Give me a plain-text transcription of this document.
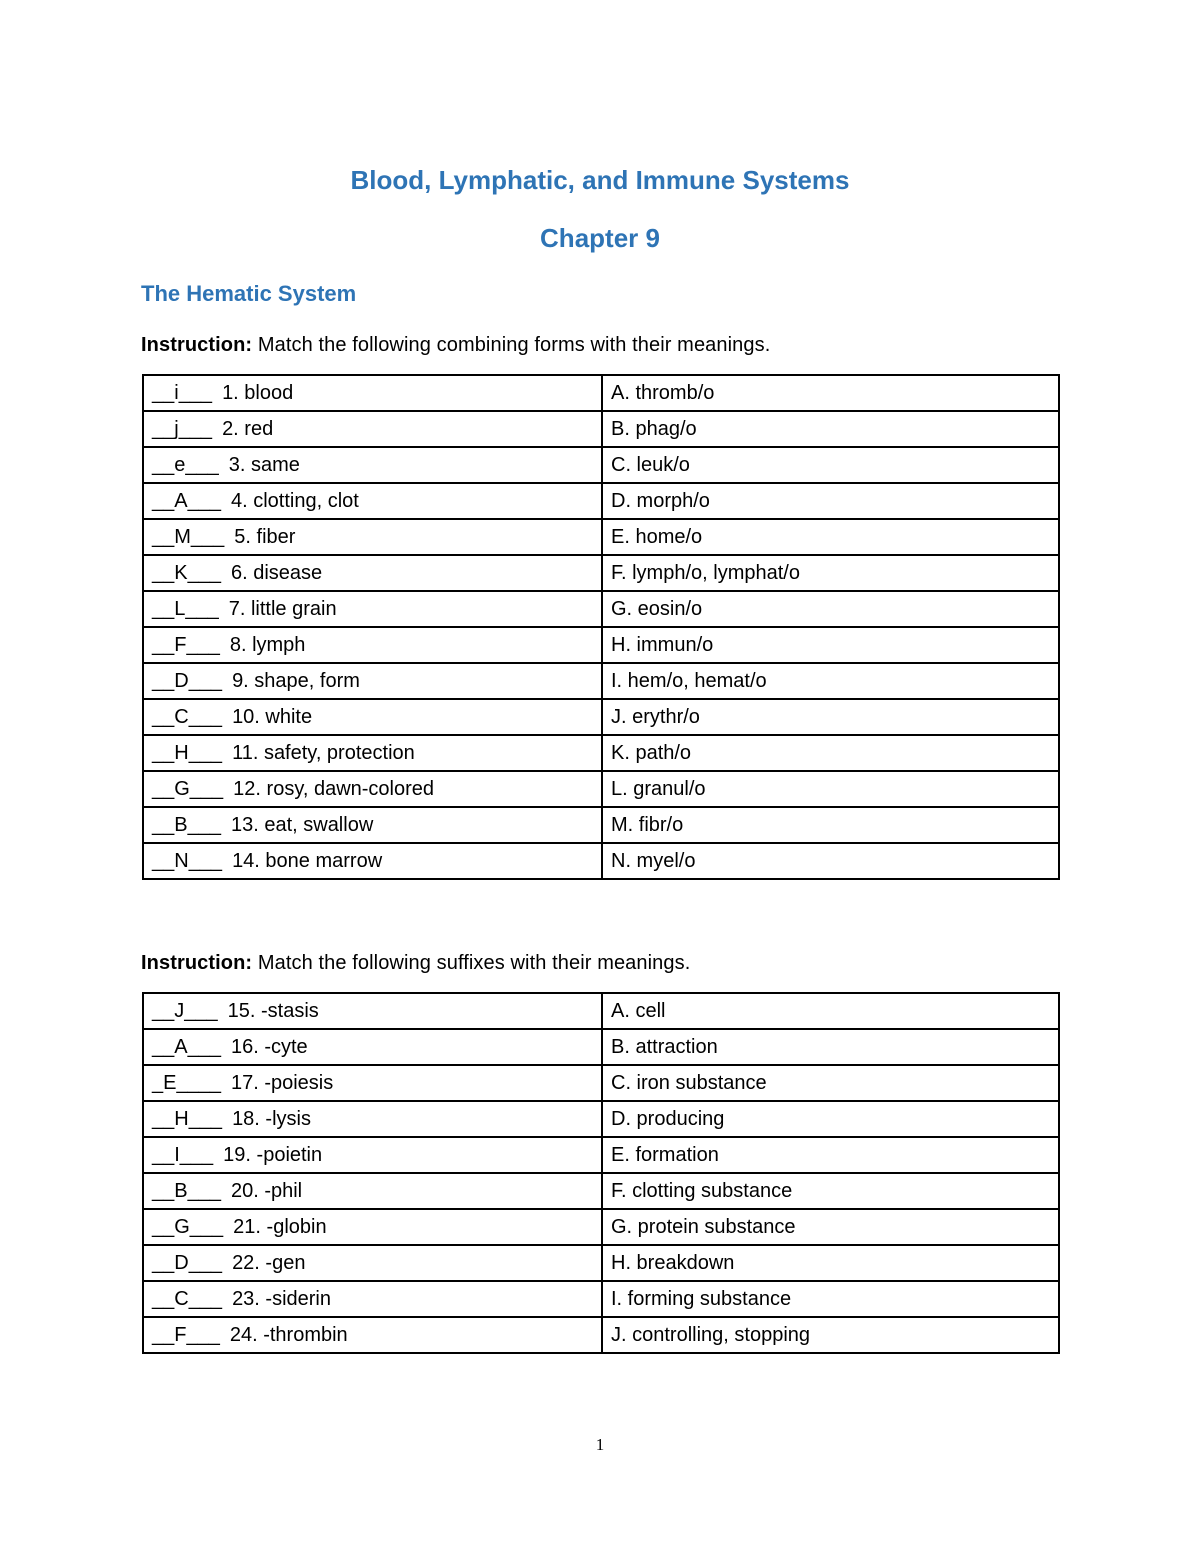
Blood, Lymphatic, and Immune Systems
Chapter 9
The Hematic System
Instruction: Match the following combining forms with their meanings.
__i___ 1. blood	A. thromb/o
__j___ 2. red	B. phag/o
__e___ 3. same	C. leuk/o
__A___ 4. clotting, clot	D. morph/o
__M___ 5. fiber	E. home/o
__K___ 6. disease	F. lymph/o, lymphat/o
__L___ 7. little grain	G. eosin/o
__F___ 8. lymph	H. immun/o
__D___ 9. shape, form	I. hem/o, hemat/o
__C___ 10. white	J. erythr/o
__H___ 11. safety, protection	K. path/o
__G___ 12. rosy, dawn-colored	L. granul/o
__B___ 13. eat, swallow	M. fibr/o
__N___ 14. bone marrow	N. myel/o
Instruction: Match the following suffixes with their meanings.
__J___ 15. -stasis	A. cell
__A___ 16. -cyte	B. attraction
_E____ 17. -poiesis	C. iron substance
__H___ 18. -lysis	D. producing
__I___ 19. -poietin	E. formation
__B___ 20. -phil	F. clotting substance
__G___ 21. -globin	G. protein substance
__D___ 22. -gen	H. breakdown
__C___ 23. -siderin	I. forming substance
__F___ 24. -thrombin	J. controlling, stopping
1
